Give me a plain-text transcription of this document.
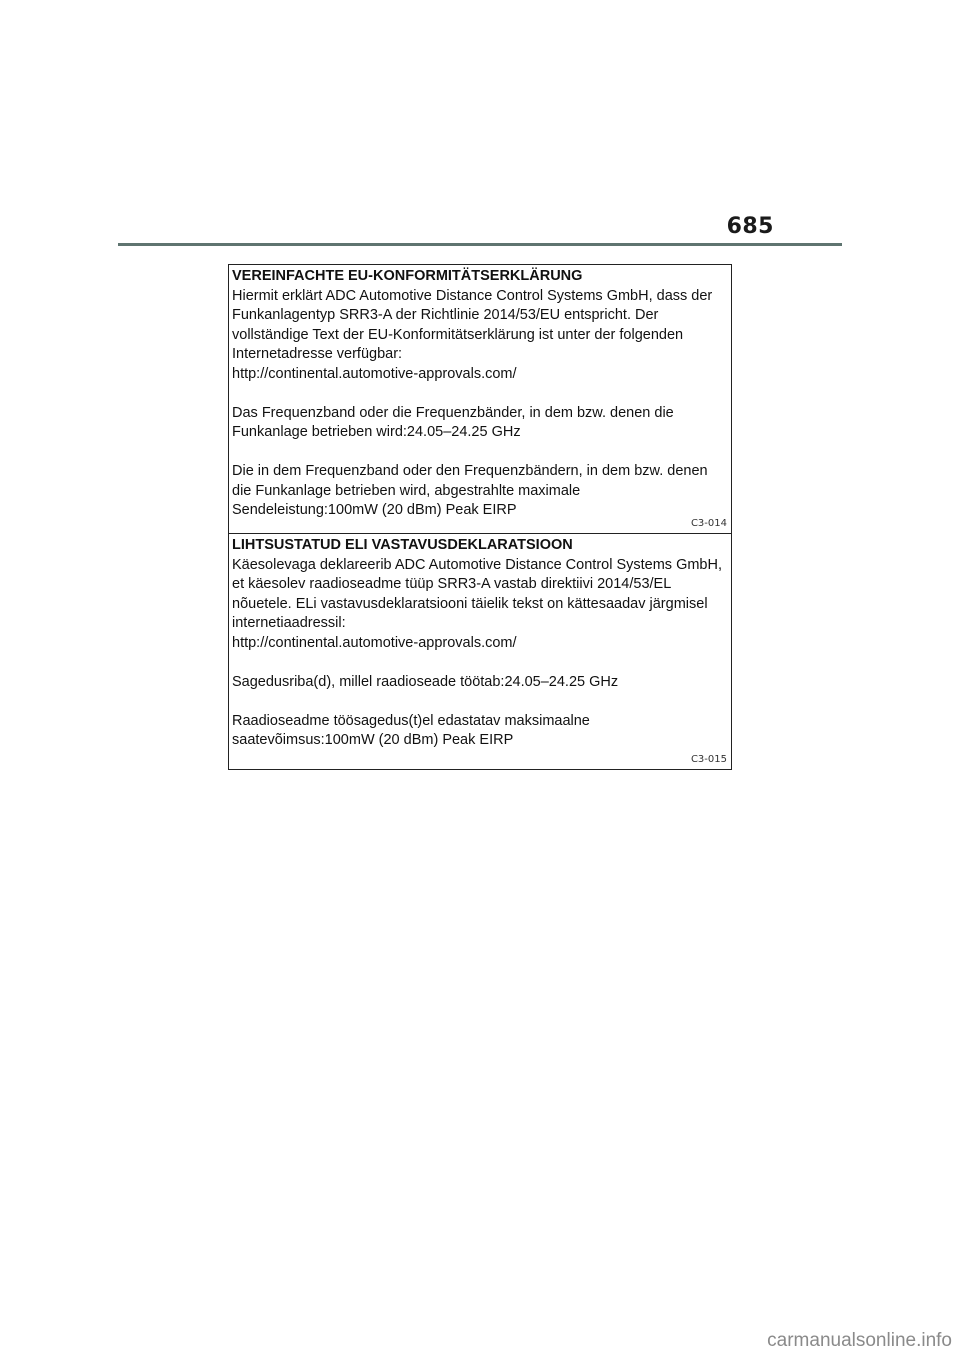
685

VEREINFACHTE EU-KONFORMITÄTSERKLÄRUNG

Hiermit erklärt ADC Automotive Distance Control Systems GmbH, dass der Funkanlagentyp SRR3-A der Richtlinie 2014/53/EU entspricht. Der vollständige Text der EU-Konformitätserklärung ist unter der folgenden Internetadresse verfügbar:
http://continental.automotive-approvals.com/

Das Frequenzband oder die Frequenzbänder, in dem bzw. denen die Funkanlage betrieben wird:24.05–24.25 GHz

Die in dem Frequenzband oder den Frequenzbändern, in dem bzw. denen die Funkanlage betrieben wird, abgestrahlte maximale Sendeleistung:100mW (20 dBm) Peak EIRP

C3-014

LIHTSUSTATUD ELI VASTAVUSDEKLARATSIOON

Käesolevaga deklareerib ADC Automotive Distance Control Systems GmbH, et käesolev raadioseadme tüüp SRR3-A vastab direktiivi 2014/53/EL nõuetele. ELi vastavusdeklaratsiooni täielik tekst on kättesaadav järgmisel internetiaadressil:
http://continental.automotive-approvals.com/

Sagedusriba(d), millel raadioseade töötab:24.05–24.25 GHz

Raadioseadme töösagedus(t)el edastatav maksimaalne saatevõimsus:100mW (20 dBm) Peak EIRP

C3-015
carmanualsonline.info
